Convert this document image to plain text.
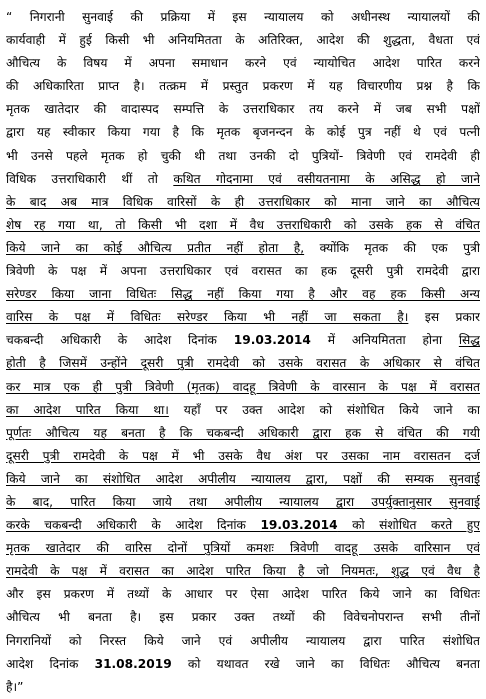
“ निगरानी सुनवाई की प्रक्रिया में इस न्यायालय को अधीनस्थ न्यायालयों की
कार्यवाही में हुई किसी भी अनियमितता के अतिरिक्त, आदेश की शुद्धता, वैधता एवं
औचित्य के विषय में अपना समाधान करने एवं न्यायोचित आदेश पारित करने
की अधिकारिता प्राप्त है। तत्क्रम में प्रस्तुत प्रकरण में यह विचारणीय प्रश्न है कि
मृतक खातेदार की वादास्पद सम्पत्ति के उत्तराधिकार तय करने में जब सभी पक्षों
द्वारा यह स्वीकार किया गया है कि मृतक बृजनन्दन के कोई पुत्र नहीं थे एवं पत्नी
भी उनसे पहले मृतक हो चुकी थी तथा उनकी दो पुत्रियों- त्रिवेणी एवं रामदेवी ही
विधिक उत्तराधिकारी थीं तो कथित गोदनामा एवं वसीयतनामा के असिद्ध हो जाने
के बाद अब मात्र विधिक वारिसों के ही उत्तराधिकार को माना जाने का औचित्य
शेष रह गया था, तो किसी भी दशा में वैध उत्तराधिकारी को उसके हक से वंचित
किये जाने का कोई औचित्य प्रतीत नहीं होता है, क्योंकि मृतक की एक पुत्री
त्रिवेणी के पक्ष में अपना उत्तराधिकार एवं वरासत का हक दूसरी पुत्री रामदेवी द्वारा
सरेण्डर किया जाना विधितः सिद्ध नहीं किया गया है और वह हक किसी अन्य
वारिस के पक्ष में विधितः सरेण्डर किया भी नहीं जा सकता है। इस प्रकार
चकबन्दी अधिकारी के आदेश दिनांक 19.03.2014 में अनियमितता होना सिद्ध
होती है जिसमें उन्होंने दूसरी पुत्री रामदेवी को उसके वरासत के अधिकार से वंचित
कर मात्र एक ही पुत्री त्रिवेणी (मृतक) वादहू त्रिवेणी के वारसान के पक्ष में वरासत
का आदेश पारित किया था। यहाँ पर उक्त आदेश को संशोधित किये जाने का
पूर्णतः औचित्य यह बनता है कि चकबन्दी अधिकारी द्वारा हक से वंचित की गयी
दूसरी पुत्री रामदेवी के पक्ष में भी उसके वैध अंश पर उसका नाम वरासतन दर्ज
किये जाने का संशोधित आदेश अपीलीय न्यायालय द्वारा, पक्षों की सम्यक सुनवाई
के बाद, पारित किया जाये तथा अपीलीय न्यायालय द्वारा उपर्युक्तानुसार सुनवाई
करके चकबन्दी अधिकारी के आदेश दिनांक 19.03.2014 को संशोधित करते हुए
मृतक खातेदार की वारिस दोनों पुत्रियों कमशः त्रिवेणी वादहू उसके वारिसान एवं
रामदेवी के पक्ष में वरासत का आदेश पारित किया है जो नियमतः, शुद्ध एवं वैध है
और इस प्रकरण में तथ्यों के आधार पर ऐसा आदेश पारित किये जाने का विधितः
औचित्य भी बनता है। इस प्रकार उक्त तथ्यों की विवेचनोपरान्त सभी तीनों
निगरानियों को निरस्त किये जाने एवं अपीलीय न्यायालय द्वारा पारित संशोधित
आदेश दिनांक 31.08.2019 को यथावत रखे जाने का विधितः औचित्य बनता
है।”
